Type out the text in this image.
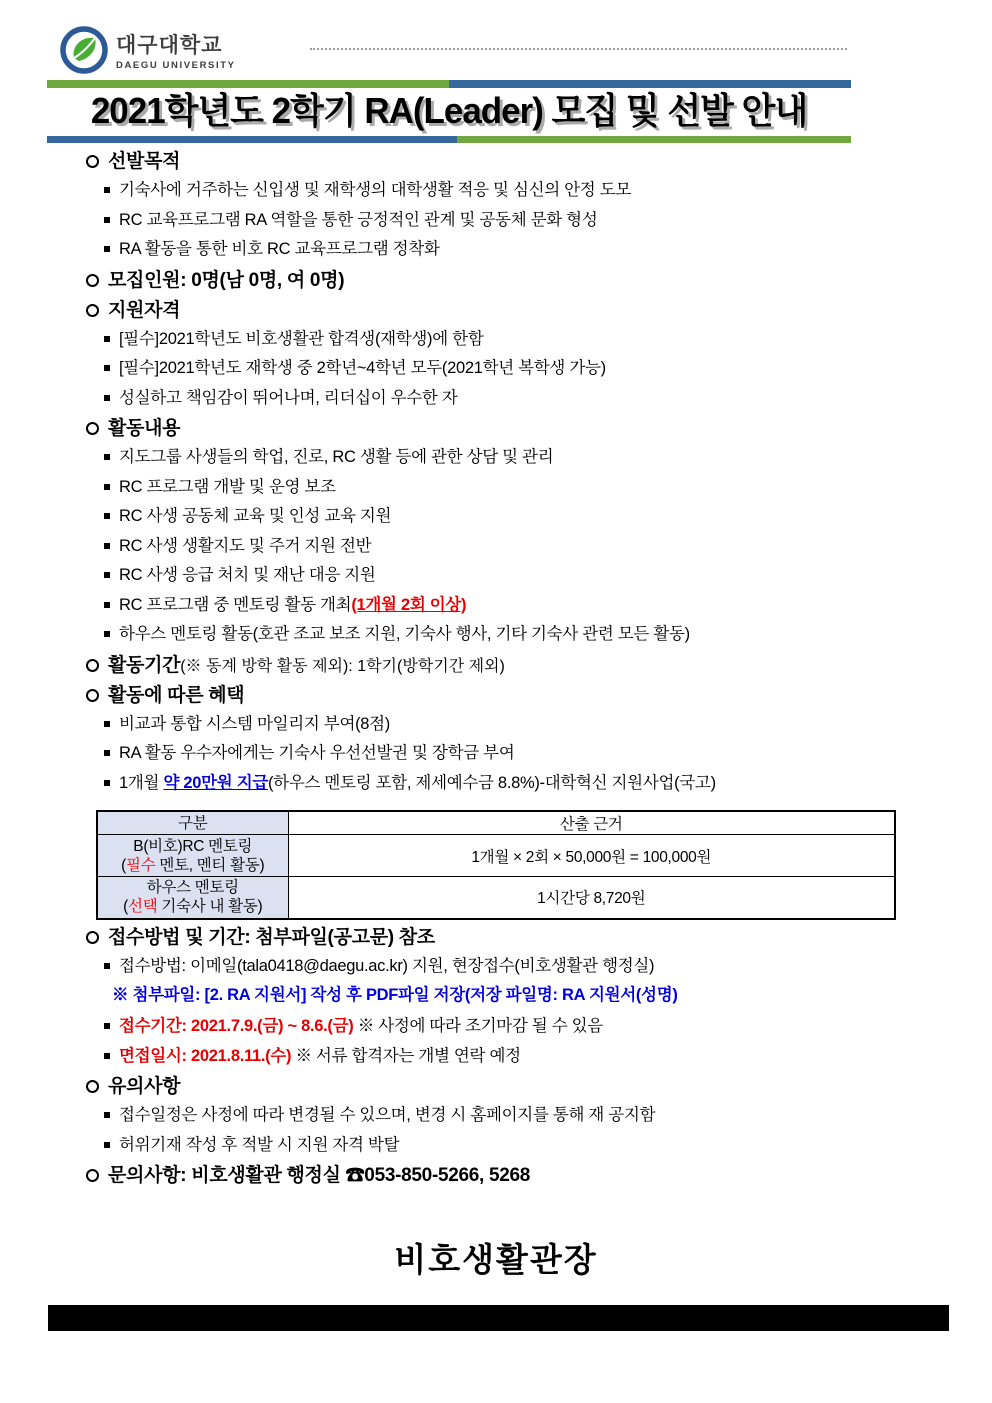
대구대학교
DAEGU UNIVERSITY
2021학년도 2학기 RA(Leader) 모집 및 선발 안내
선발목적
기숙사에 거주하는 신입생 및 재학생의 대학생활 적응 및 심신의 안정 도모
RC 교육프로그램 RA 역할을 통한 긍정적인 관계 및 공동체 문화 형성
RA 활동을 통한 비호 RC 교육프로그램 정착화
모집인원: 0명(남 0명, 여 0명)
지원자격
[필수]2021학년도 비호생활관 합격생(재학생)에 한함
[필수]2021학년도 재학생 중 2학년~4학년 모두(2021학년 복학생 가능)
성실하고 책임감이 뛰어나며, 리더십이 우수한 자
활동내용
지도그룹 사생들의 학업, 진로, RC 생활 등에 관한 상담 및 관리
RC 프로그램 개발 및 운영 보조
RC 사생 공동체 교육 및 인성 교육 지원
RC 사생 생활지도 및 주거 지원 전반
RC 사생 응급 처치 및 재난 대응 지원
RC 프로그램 중 멘토링 활동 개최(1개월 2회 이상)
하우스 멘토링 활동(호관 조교 보조 지원, 기숙사 행사, 기타 기숙사 관련 모든 활동)
활동기간 (※ 동계 방학 활동 제외): 1학기(방학기간 제외)
활동에 따른 혜택
비교과 통합 시스템 마일리지 부여(8점)
RA 활동 우수자에게는 기숙사 우선선발권 및 장학금 부여
1개월 약 20만원 지급(하우스 멘토링 포함, 제세예수금 8.8%)-대학혁신 지원사업(국고)
구분	산출 근거
B(비호)RC 멘토링
(필수 멘토, 멘티 활동)	1개월 × 2회 × 50,000원 = 100,000원
하우스 멘토링
(선택 기숙사 내 활동)	1시간당 8,720원
접수방법 및 기간: 첨부파일(공고문) 참조
접수방법: 이메일(tala0418@daegu.ac.kr) 지원, 현장접수(비호생활관 행정실)
※ 첨부파일: [2. RA 지원서] 작성 후 PDF파일 저장(저장 파일명: RA 지원서(성명)
접수기간: 2021.7.9.(금) ~ 8.6.(금) ※ 사정에 따라 조기마감 될 수 있음
면접일시: 2021.8.11.(수) ※ 서류 합격자는 개별 연락 예정
유의사항
접수일정은 사정에 따라 변경될 수 있으며, 변경 시 홈페이지를 통해 재 공지함
허위기재 작성 후 적발 시 지원 자격 박탈
문의사항: 비호생활관 행정실 ☎053-850-5266, 5268
비호생활관장
